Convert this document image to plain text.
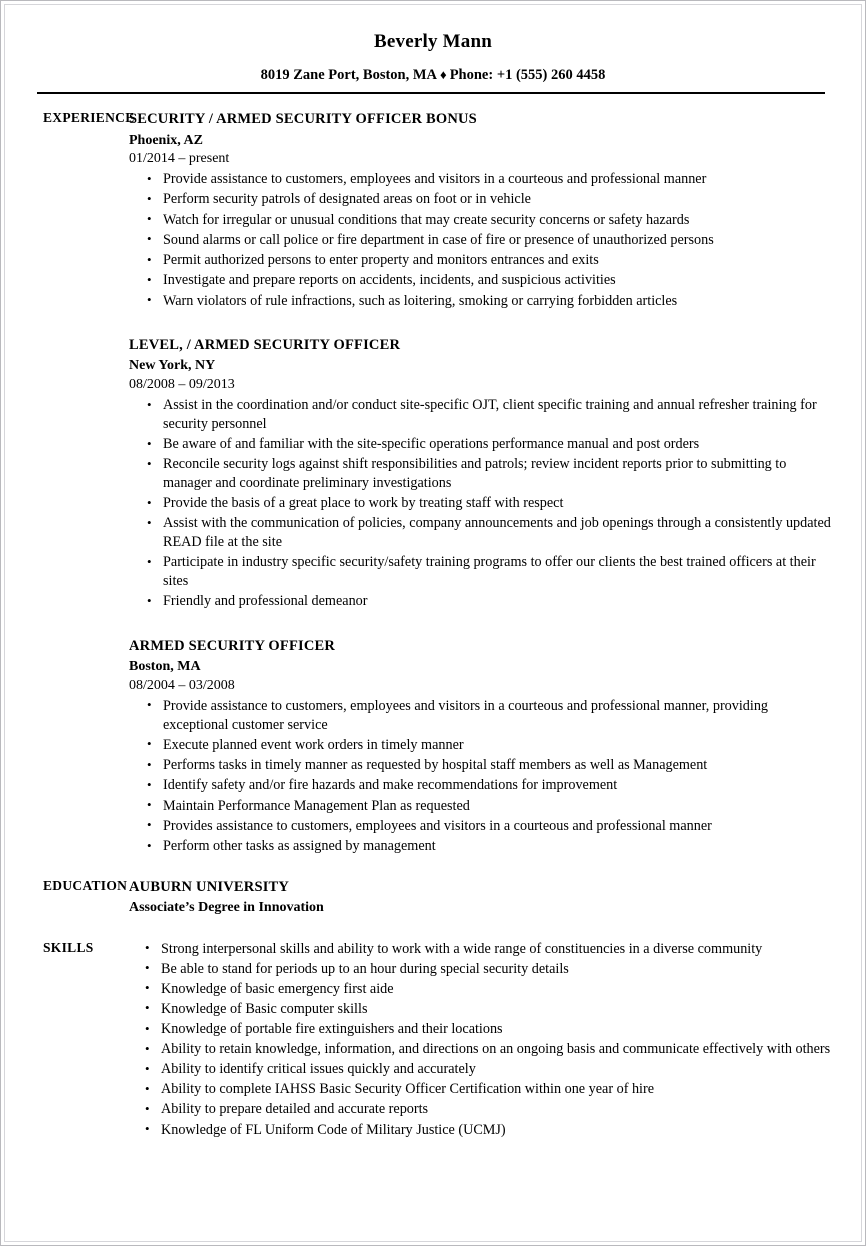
Beverly Mann
8019 Zane Port, Boston, MA ♦ Phone: +1 (555) 260 4458
EXPERIENCE
SECURITY / ARMED SECURITY OFFICER BONUS
Phoenix, AZ
01/2014 – present
• Provide assistance to customers, employees and visitors in a courteous and professional manner
• Perform security patrols of designated areas on foot or in vehicle
• Watch for irregular or unusual conditions that may create security concerns or safety hazards
• Sound alarms or call police or fire department in case of fire or presence of unauthorized persons
• Permit authorized persons to enter property and monitors entrances and exits
• Investigate and prepare reports on accidents, incidents, and suspicious activities
• Warn violators of rule infractions, such as loitering, smoking or carrying forbidden articles
LEVEL, / ARMED SECURITY OFFICER
New York, NY
08/2008 – 09/2013
• Assist in the coordination and/or conduct site-specific OJT, client specific training and annual refresher training for security personnel
• Be aware of and familiar with the site-specific operations performance manual and post orders
• Reconcile security logs against shift responsibilities and patrols; review incident reports prior to submitting to manager and coordinate preliminary investigations
• Provide the basis of a great place to work by treating staff with respect
• Assist with the communication of policies, company announcements and job openings through a consistently updated READ file at the site
• Participate in industry specific security/safety training programs to offer our clients the best trained officers at their sites
• Friendly and professional demeanor
ARMED SECURITY OFFICER
Boston, MA
08/2004 – 03/2008
• Provide assistance to customers, employees and visitors in a courteous and professional manner, providing exceptional customer service
• Execute planned event work orders in timely manner
• Performs tasks in timely manner as requested by hospital staff members as well as Management
• Identify safety and/or fire hazards and make recommendations for improvement
• Maintain Performance Management Plan as requested
• Provides assistance to customers, employees and visitors in a courteous and professional manner
• Perform other tasks as assigned by management
EDUCATION AUBURN UNIVERSITY
Associate’s Degree in Innovation
SKILLS	• Strong interpersonal skills and ability to work with a wide range of constituencies in a diverse community
• Be able to stand for periods up to an hour during special security details
• Knowledge of basic emergency first aide
• Knowledge of Basic computer skills
• Knowledge of portable fire extinguishers and their locations
• Ability to retain knowledge, information, and directions on an ongoing basis and communicate effectively with others
• Ability to identify critical issues quickly and accurately
• Ability to complete IAHSS Basic Security Officer Certification within one year of hire
• Ability to prepare detailed and accurate reports
• Knowledge of FL Uniform Code of Military Justice (UCMJ)
